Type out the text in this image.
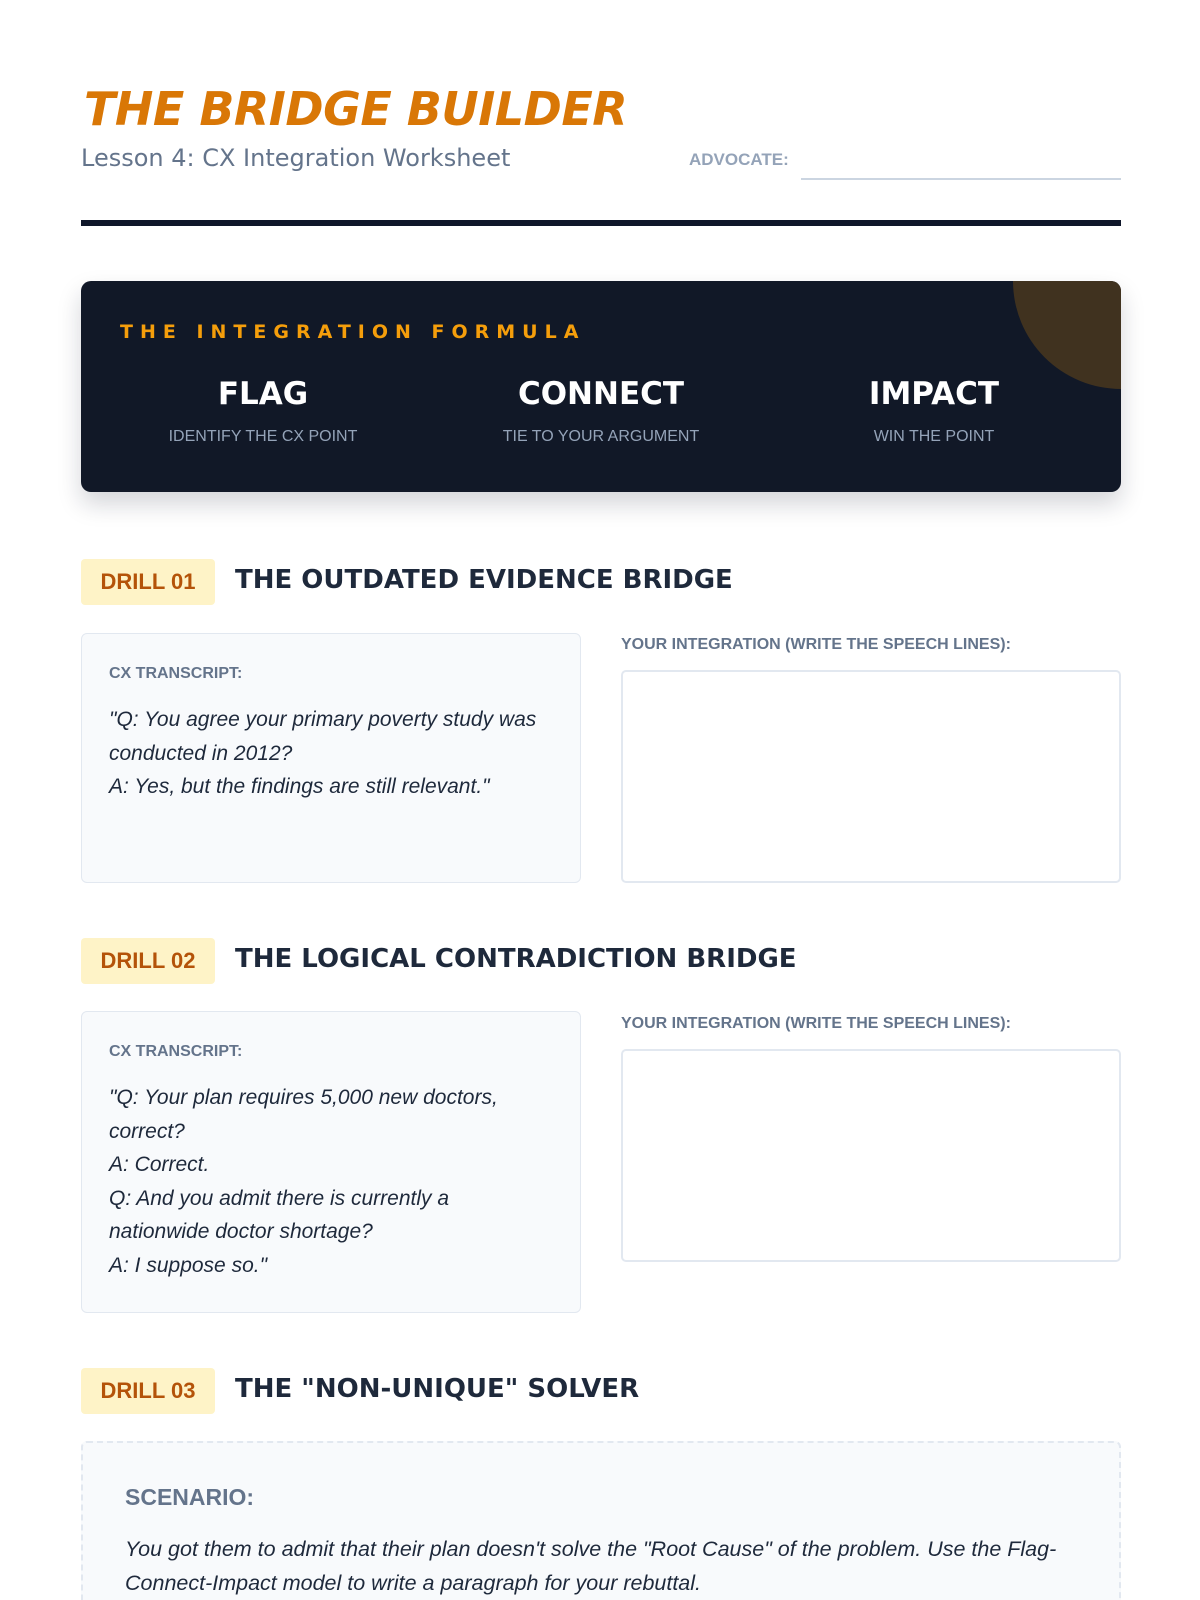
THE BRIDGE BUILDER
Lesson 4: CX Integration Worksheet	ADVOCATE:
THE INTEGRATION FORMULA
FLAG
IDENTIFY THE CX POINT
CONNECT
TIE TO YOUR ARGUMENT
IMPACT
WIN THE POINT
DRILL 01	THE OUTDATED EVIDENCE BRIDGE
CX TRANSCRIPT:
"Q: You agree your primary poverty study was conducted in 2012?
A: Yes, but the findings are still relevant."
YOUR INTEGRATION (WRITE THE SPEECH LINES):
DRILL 02	THE LOGICAL CONTRADICTION BRIDGE
CX TRANSCRIPT:
"Q: Your plan requires 5,000 new doctors, correct?
A: Correct.
Q: And you admit there is currently a nationwide doctor shortage?
A: I suppose so."
YOUR INTEGRATION (WRITE THE SPEECH LINES):
DRILL 03	THE "NON-UNIQUE" SOLVER
SCENARIO:
You got them to admit that their plan doesn't solve the "Root Cause" of the problem. Use the Flag-Connect-Impact model to write a paragraph for your rebuttal.
